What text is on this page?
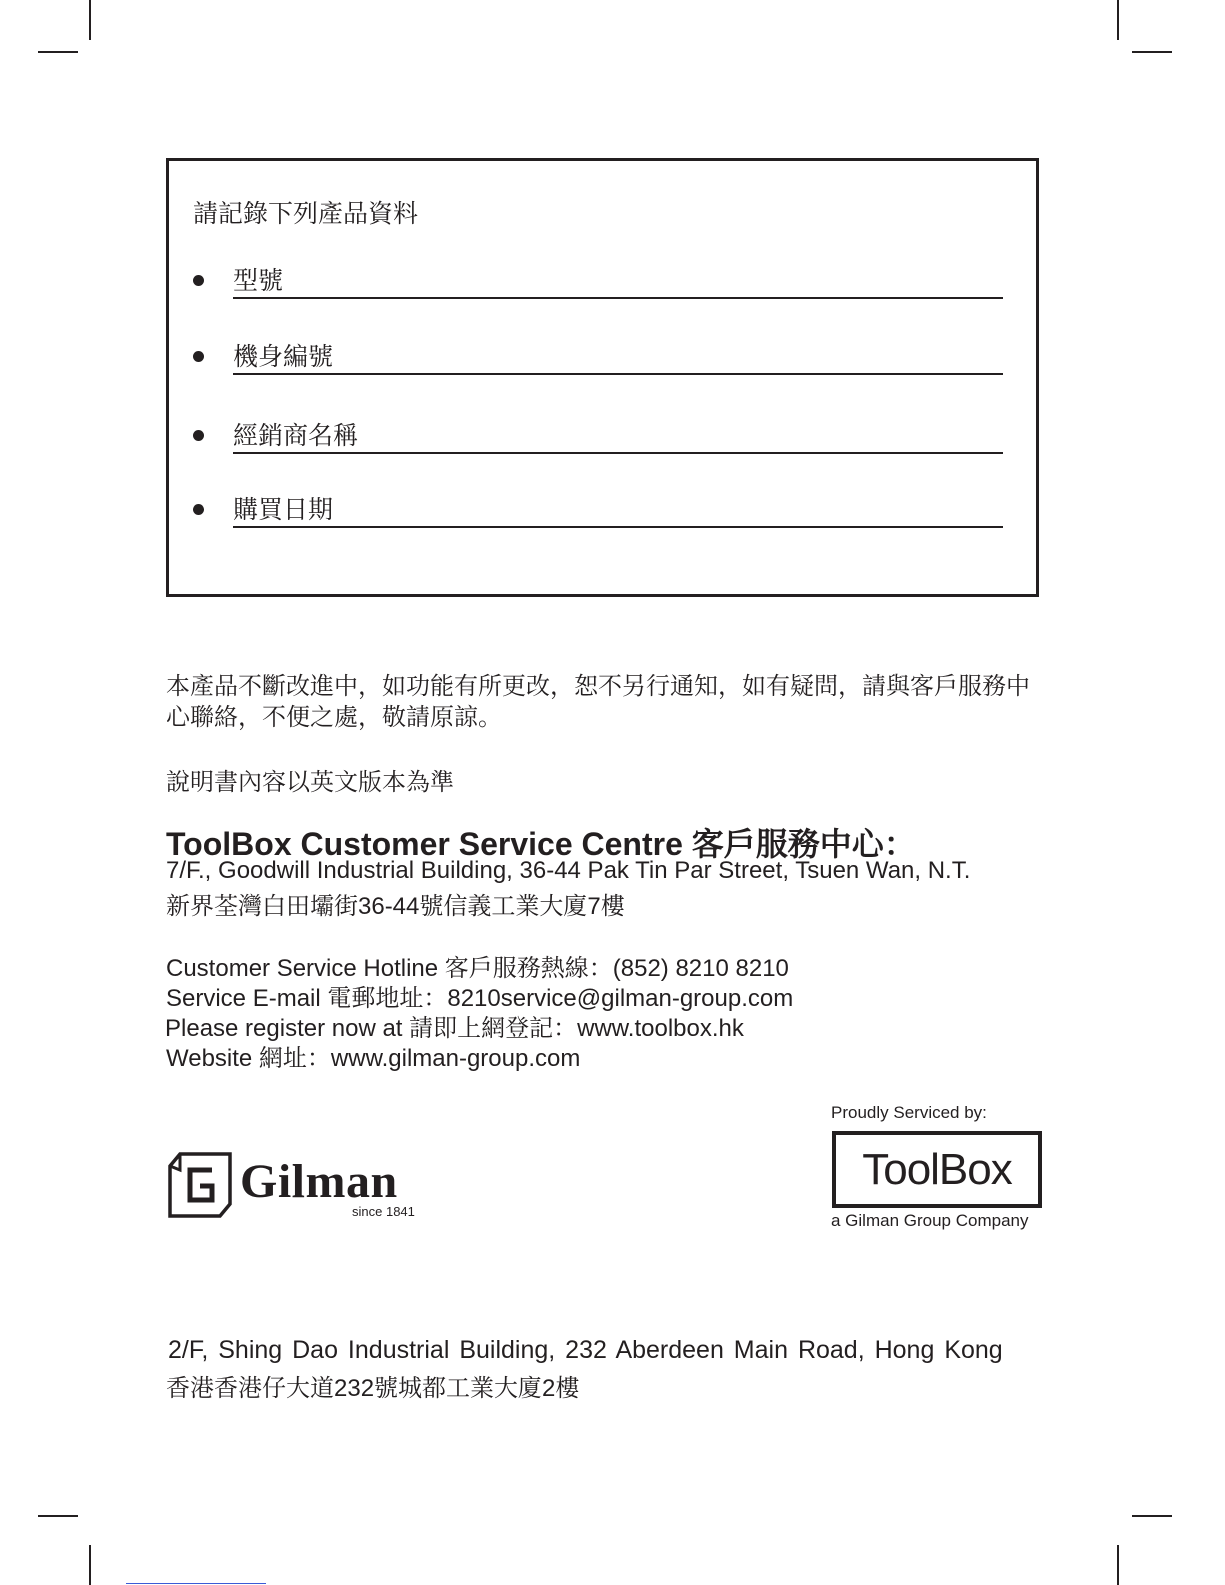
請記錄下列產品資料
型號
機身編號
經銷商名稱
購買日期
本產品不斷改進中，如功能有所更改，恕不另行通知，如有疑問，請與客戶服務中心聯絡，不便之處，敬請原諒。
說明書內容以英文版本為準
ToolBox Customer Service Centre 客戶服務中心：
7/F., Goodwill Industrial Building, 36-44 Pak Tin Par Street, Tsuen Wan, N.T.
新界荃灣白田壩街36-44號信義工業大廈7樓
Customer Service Hotline 客戶服務熱線：(852) 8210 8210
Service E-mail 電郵地址：8210service@gilman-group.com
Please register now at 請即上網登記：www.toolbox.hk
Website 網址：www.gilman-group.com
Gilman
since 1841
Proudly Serviced by:
ToolBox
a Gilman Group Company
2/F, Shing Dao Industrial Building, 232 Aberdeen Main Road, Hong Kong
香港香港仔大道232號城都工業大廈2樓
